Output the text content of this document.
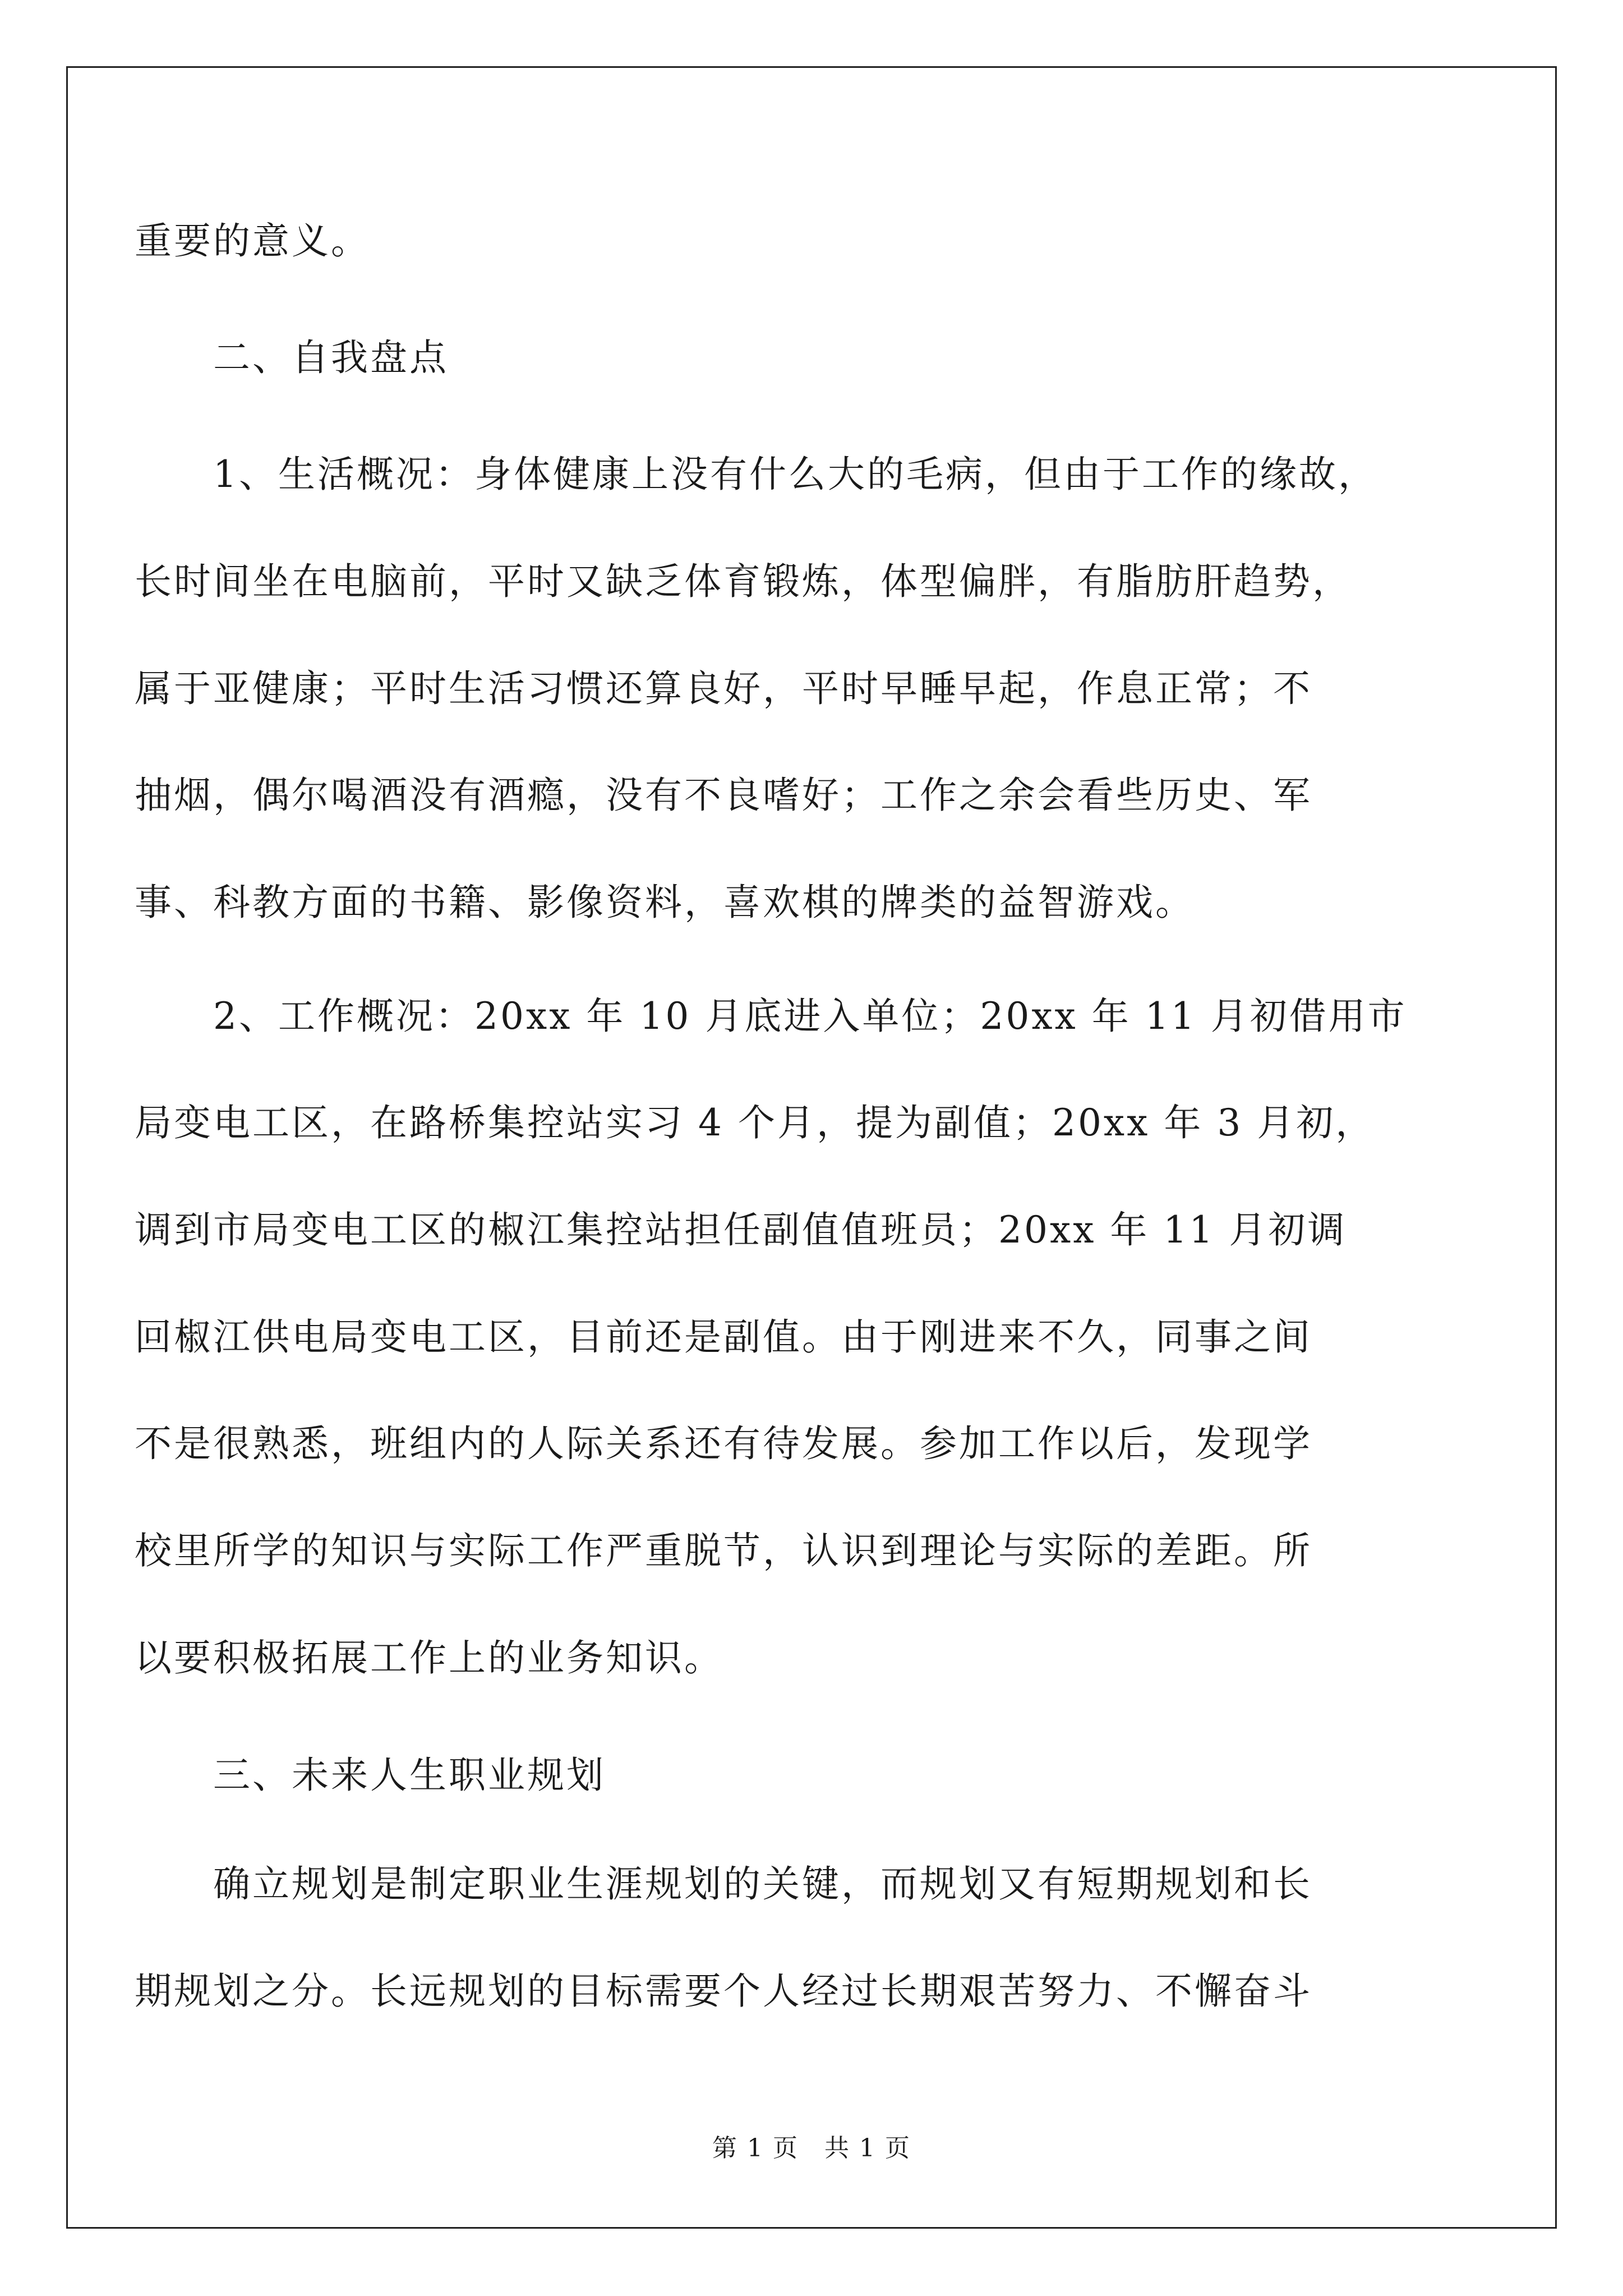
重要的意义。
二、自我盘点
1、生活概况：身体健康上没有什么大的毛病，但由于工作的缘故，
长时间坐在电脑前，平时又缺乏体育锻炼，体型偏胖，有脂肪肝趋势，
属于亚健康；平时生活习惯还算良好，平时早睡早起，作息正常；不
抽烟，偶尔喝酒没有酒瘾，没有不良嗜好；工作之余会看些历史、军
事、科教方面的书籍、影像资料，喜欢棋的牌类的益智游戏。
2、工作概况：20xx 年 10 月底进入单位；20xx 年 11 月初借用市
局变电工区，在路桥集控站实习 4 个月，提为副值；20xx 年 3 月初，
调到市局变电工区的椒江集控站担任副值值班员；20xx 年 11 月初调
回椒江供电局变电工区，目前还是副值。由于刚进来不久，同事之间
不是很熟悉，班组内的人际关系还有待发展。参加工作以后，发现学
校里所学的知识与实际工作严重脱节，认识到理论与实际的差距。所
以要积极拓展工作上的业务知识。
三、未来人生职业规划
确立规划是制定职业生涯规划的关键，而规划又有短期规划和长
期规划之分。长远规划的目标需要个人经过长期艰苦努力、不懈奋斗
第 1 页　共 1 页
